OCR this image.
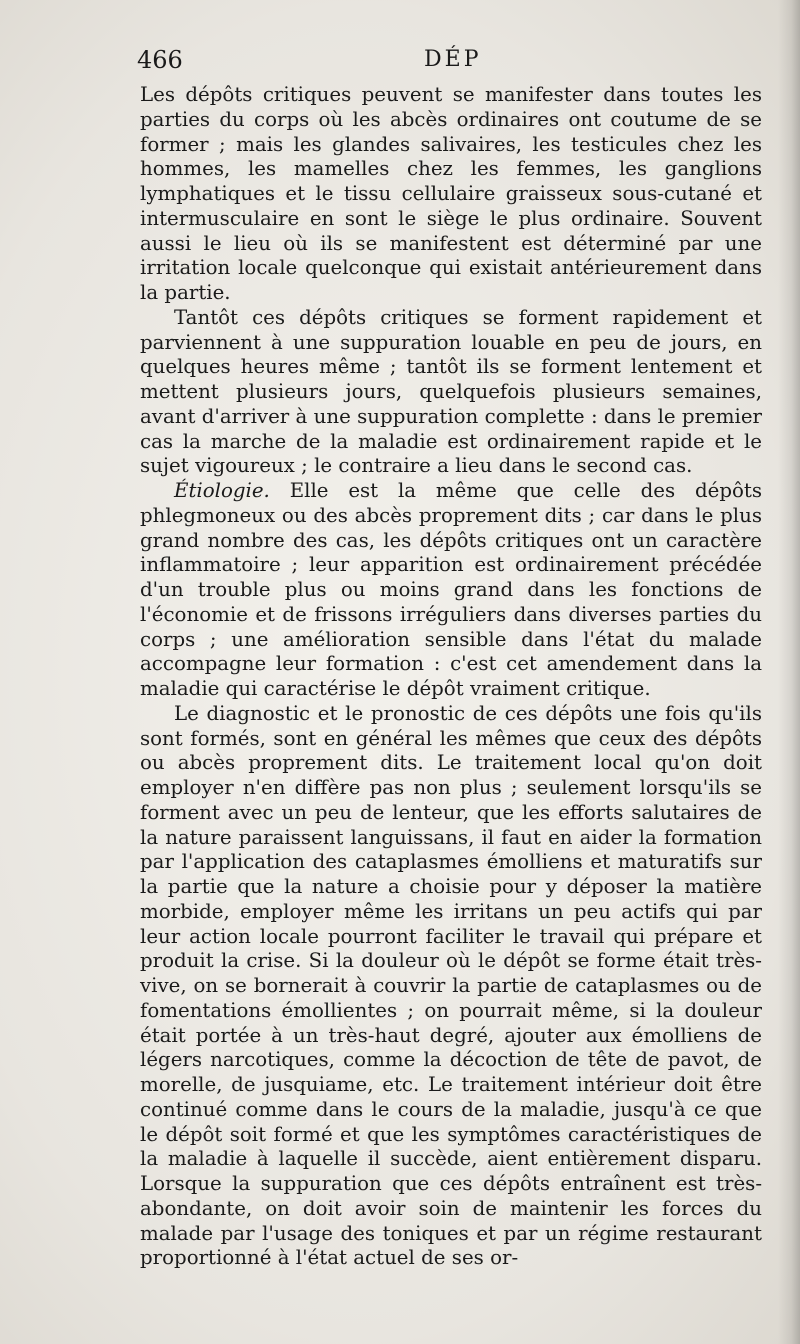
466	DÉP

Les dépôts critiques peuvent se manifester dans toutes les parties du corps où les abcès ordinaires ont coutume de se former ; mais les glandes salivaires, les testicules chez les hommes, les mamelles chez les femmes, les ganglions lymphatiques et le tissu cellulaire graisseux sous-cutané et intermusculaire en sont le siège le plus ordinaire. Souvent aussi le lieu où ils se manifestent est déterminé par une irritation locale quelconque qui existait antérieurement dans la partie.

Tantôt ces dépôts critiques se forment rapidement et parviennent à une suppuration louable en peu de jours, en quelques heures même ; tantôt ils se forment lentement et mettent plusieurs jours, quelquefois plusieurs semaines, avant d'arriver à une suppuration complette : dans le premier cas la marche de la maladie est ordinairement rapide et le sujet vigoureux ; le contraire a lieu dans le second cas.

Étiologie. Elle est la même que celle des dépôts phlegmoneux ou des abcès proprement dits ; car dans le plus grand nombre des cas, les dépôts critiques ont un caractère inflammatoire ; leur apparition est ordinairement précédée d'un trouble plus ou moins grand dans les fonctions de l'économie et de frissons irréguliers dans diverses parties du corps ; une amélioration sensible dans l'état du malade accompagne leur formation : c'est cet amendement dans la maladie qui caractérise le dépôt vraiment critique.

Le diagnostic et le pronostic de ces dépôts une fois qu'ils sont formés, sont en général les mêmes que ceux des dépôts ou abcès proprement dits. Le traitement local qu'on doit employer n'en diffère pas non plus ; seulement lorsqu'ils se forment avec un peu de lenteur, que les efforts salutaires de la nature paraissent languissans, il faut en aider la formation par l'application des cataplasmes émolliens et maturatifs sur la partie que la nature a choisie pour y déposer la matière morbide, employer même les irritans un peu actifs qui par leur action locale pourront faciliter le travail qui prépare et produit la crise. Si la douleur où le dépôt se forme était très-vive, on se bornerait à couvrir la partie de cataplasmes ou de fomentations émollientes ; on pourrait même, si la douleur était portée à un très-haut degré, ajouter aux émolliens de légers narcotiques, comme la décoction de tête de pavot, de morelle, de jusquiame, etc. Le traitement intérieur doit être continué comme dans le cours de la maladie, jusqu'à ce que le dépôt soit formé et que les symptômes caractéristiques de la maladie à laquelle il succède, aient entièrement disparu. Lorsque la suppuration que ces dépôts entraînent est très-abondante, on doit avoir soin de maintenir les forces du malade par l'usage des toniques et par un régime restaurant proportionné à l'état actuel de ses or-
